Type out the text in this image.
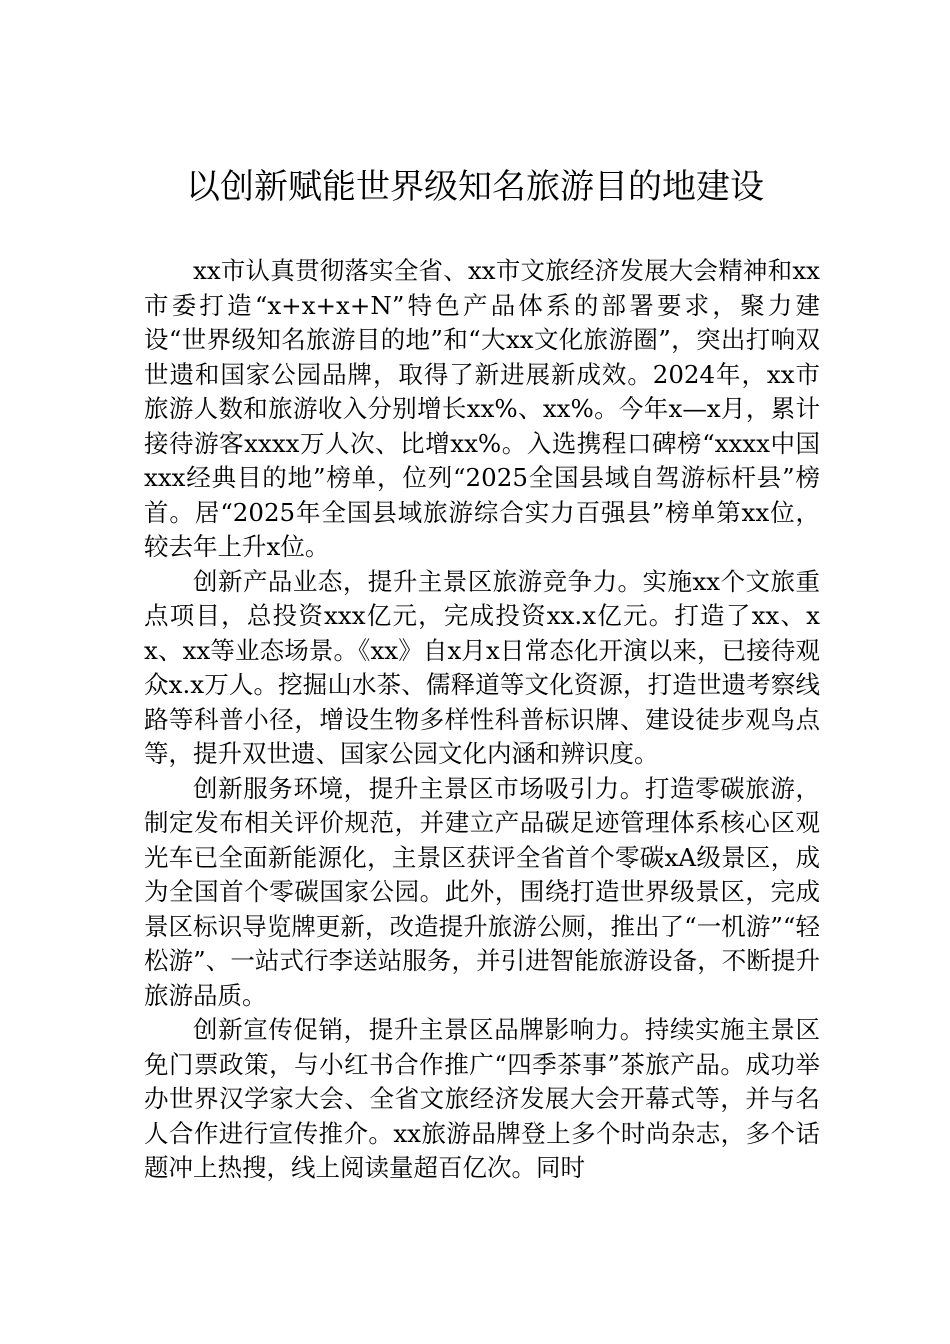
以创新赋能世界级知名旅游目的地建设

xx市认真贯彻落实全省、xx市文旅经济发展大会精神和xx市委打造“x+x+x+N”特色产品体系的部署要求，聚力建设“世界级知名旅游目的地”和“大xx文化旅游圈”，突出打响双世遗和国家公园品牌，取得了新进展新成效。2024年，xx市旅游人数和旅游收入分别增长xx%、xx%。今年x—x月，累计接待游客xxxx万人次、比增xx%。入选携程口碑榜“xxxx中国xxx经典目的地”榜单，位列“2025全国县域自驾游标杆县”榜首。居“2025年全国县域旅游综合实力百强县”榜单第xx位，较去年上升x位。

创新产品业态，提升主景区旅游竞争力。实施xx个文旅重点项目，总投资xxx亿元，完成投资xx.x亿元。打造了xx、xx、xx等业态场景。《xx》自x月x日常态化开演以来，已接待观众x.x万人。挖掘山水茶、儒释道等文化资源，打造世遗考察线路等科普小径，增设生物多样性科普标识牌、建设徒步观鸟点等，提升双世遗、国家公园文化内涵和辨识度。

创新服务环境，提升主景区市场吸引力。打造零碳旅游，制定发布相关评价规范，并建立产品碳足迹管理体系核心区观光车已全面新能源化，主景区获评全省首个零碳xA级景区，成为全国首个零碳国家公园。此外，围绕打造世界级景区，完成景区标识导览牌更新，改造提升旅游公厕，推出了“一机游”“轻松游”、一站式行李送站服务，并引进智能旅游设备，不断提升旅游品质。

创新宣传促销，提升主景区品牌影响力。持续实施主景区免门票政策，与小红书合作推广“四季茶事”茶旅产品。成功举办世界汉学家大会、全省文旅经济发展大会开幕式等，并与名人合作进行宣传推介。xx旅游品牌登上多个时尚杂志，多个话题冲上热搜，线上阅读量超百亿次。同时
